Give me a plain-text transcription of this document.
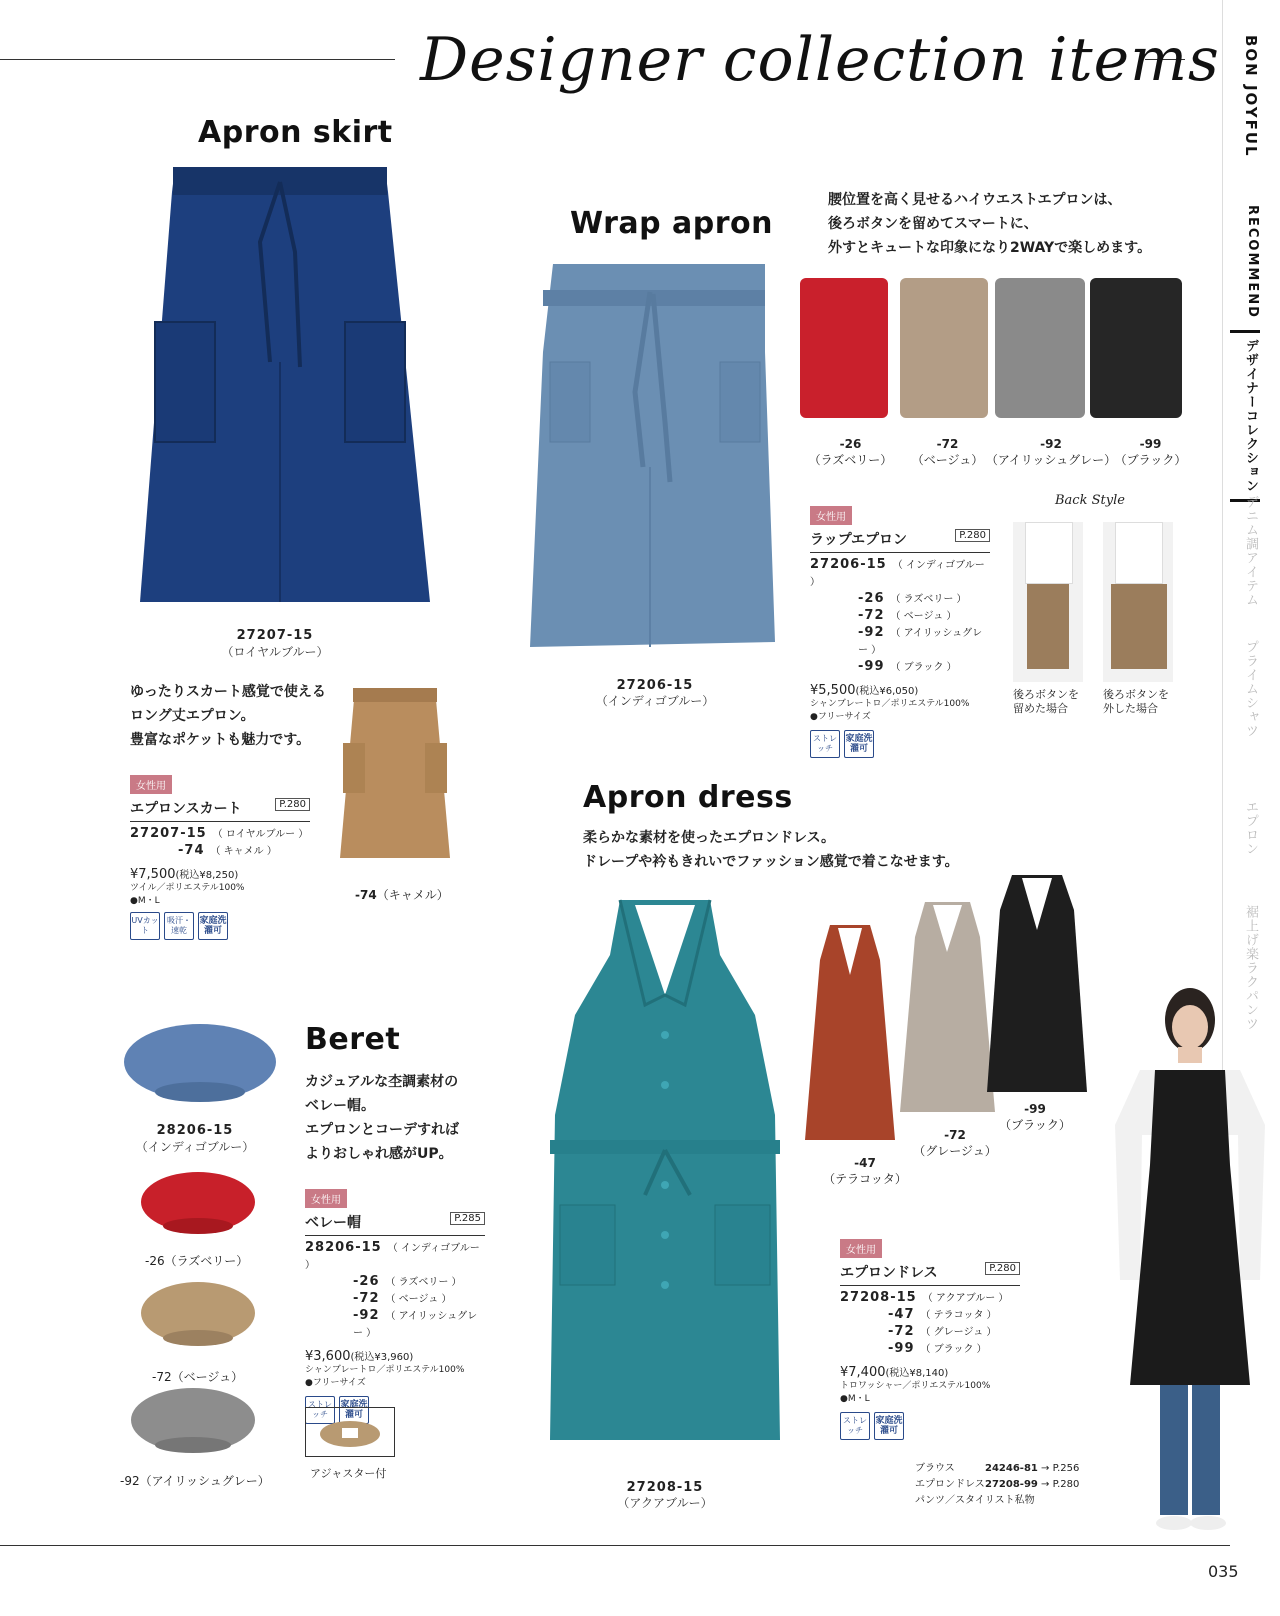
Designer collection items	BON JOYFUL
RECOMMEND
デザイナーコレクション
デニム調アイテム
プライムシャツ
エプロン
裾上げ楽ラクパンツ
Apron skirt
27207-15
（ロイヤルブルー）
ゆったりスカート感覚で使える
ロング丈エプロン。
豊富なポケットも魅力です。
-74（キャメル）
女性用
エプロンスカート	P.280
27207-15 （ ロイヤルブルー ）
-74 （ キャメル ）
¥7,500(税込¥8,250)
ツイル／ポリエステル100%
●M・L
UVカット
吸汗・速乾
家庭洗濯可
Wrap apron
27206-15
（インディゴブルー）
腰位置を高く見せるハイウエストエプロンは、
後ろボタンを留めてスマートに、
外すとキュートな印象になり2WAYで楽しめます。
-26
（ラズベリー）
-72
（ベージュ）
-92
（アイリッシュグレー）
-99
（ブラック）
女性用
ラップエプロン	P.280
27206-15 （ インディゴブルー ）
-26 （ ラズベリー ）
-72 （ ベージュ ）
-92 （ アイリッシュグレー ）
-99 （ ブラック ）
¥5,500(税込¥6,050)
シャンブレートロ／ポリエステル100%
●フリーサイズ
ストレッチ
家庭洗濯可
Back Style
後ろボタンを
留めた場合
後ろボタンを
外した場合
Apron dress
柔らかな素材を使ったエプロンドレス。
ドレープや衿もきれいでファッション感覚で着こなせます。
27208-15
（アクアブルー）
-47
（テラコッタ）
-72
（グレージュ）
-99
（ブラック）
女性用
エプロンドレス	P.280
27208-15 （ アクアブルー ）
-47 （ テラコッタ ）
-72 （ グレージュ ）
-99 （ ブラック ）
¥7,400(税込¥8,140)
トロワッシャー／ポリエステル100%
●M・L
ストレッチ
家庭洗濯可
ブラウス	24246-81 → P.256
エプロンドレス27208-99 → P.280
パンツ／スタイリスト私物
28206-15
（インディゴブルー）
-26（ラズベリー）
-72（ベージュ）
-92（アイリッシュグレー）
Beret
カジュアルな杢調素材の
ベレー帽。
エプロンとコーデすれば
よりおしゃれ感がUP。
女性用
ベレー帽	P.285
28206-15 （ インディゴブルー ）
-26 （ ラズベリー ）
-72 （ ベージュ ）
-92 （ アイリッシュグレー ）
¥3,600(税込¥3,960)
シャンブレートロ／ポリエステル100%
●フリーサイズ
ストレッチ
家庭洗濯可
アジャスター付
035
